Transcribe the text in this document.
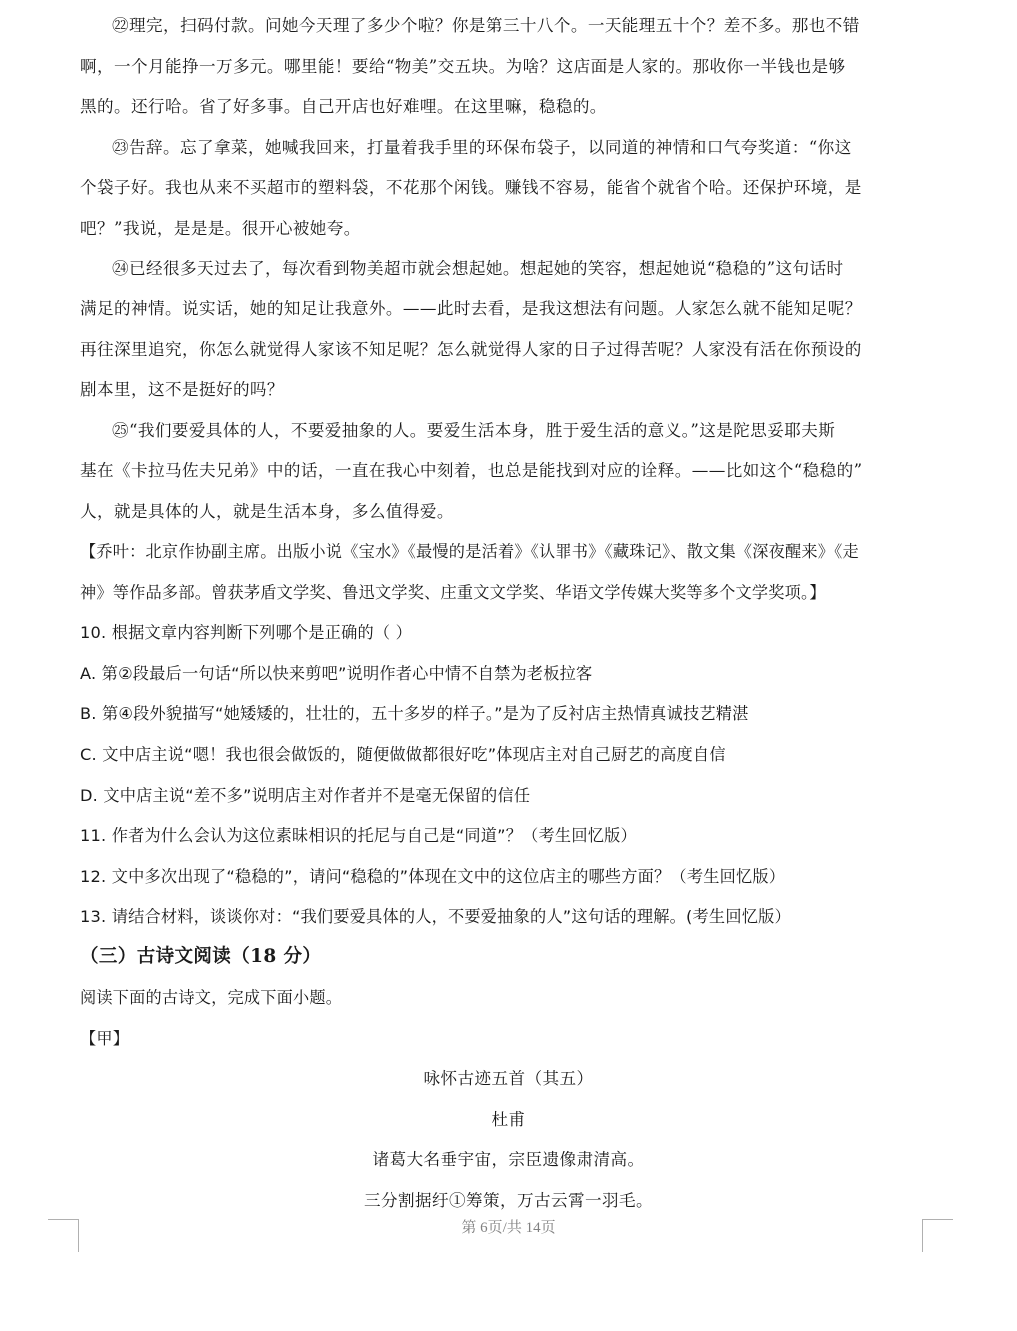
㉒理完，扫码付款。问她今天理了多少个啦？你是第三十八个。一天能理五十个？差不多。那也不错
啊，一个月能挣一万多元。哪里能！要给“物美”交五块。为啥？这店面是人家的。那收你一半钱也是够
黑的。还行哈。省了好多事。自己开店也好难哩。在这里嘛，稳稳的。
㉓告辞。忘了拿菜，她喊我回来，打量着我手里的环保布袋子，以同道的神情和口气夸奖道：“你这
个袋子好。我也从来不买超市的塑料袋，不花那个闲钱。赚钱不容易，能省个就省个哈。还保护环境，是
吧？”我说，是是是。很开心被她夸。
㉔已经很多天过去了，每次看到物美超市就会想起她。想起她的笑容，想起她说“稳稳的”这句话时
满足的神情。说实话，她的知足让我意外。——此时去看，是我这想法有问题。人家怎么就不能知足呢？
再往深里追究，你怎么就觉得人家该不知足呢？怎么就觉得人家的日子过得苦呢？人家没有活在你预设的
剧本里，这不是挺好的吗？
㉕“我们要爱具体的人，不要爱抽象的人。要爱生活本身，胜于爱生活的意义。”这是陀思妥耶夫斯
基在《卡拉马佐夫兄弟》中的话，一直在我心中刻着，也总是能找到对应的诠释。——比如这个“稳稳的”
人，就是具体的人，就是生活本身，多么值得爱。
【乔叶：北京作协副主席。出版小说《宝水》《最慢的是活着》《认罪书》《藏珠记》、散文集《深夜醒来》《走
神》等作品多部。曾获茅盾文学奖、鲁迅文学奖、庄重文文学奖、华语文学传媒大奖等多个文学奖项。】
10. 根据文章内容判断下列哪个是正确的（ ）
A. 第②段最后一句话“所以快来剪吧”说明作者心中情不自禁为老板拉客
B. 第④段外貌描写“她矮矮的，壮壮的，五十多岁的样子。”是为了反衬店主热情真诚技艺精湛
C. 文中店主说“嗯！我也很会做饭的，随便做做都很好吃”体现店主对自己厨艺的高度自信
D. 文中店主说“差不多”说明店主对作者并不是毫无保留的信任
11. 作者为什么会认为这位素昧相识的托尼与自己是“同道”？（考生回忆版）
12. 文中多次出现了“稳稳的”，请问“稳稳的”体现在文中的这位店主的哪些方面？（考生回忆版）
13. 请结合材料，谈谈你对：“我们要爱具体的人，不要爱抽象的人”这句话的理解。(考生回忆版）
（三）古诗文阅读（18 分）
阅读下面的古诗文，完成下面小题。
【甲】
咏怀古迹五首（其五）
杜甫
诸葛大名垂宇宙，宗臣遗像肃清高。
三分割据纡①筹策，万古云霄一羽毛。
第 6页/共 14页
